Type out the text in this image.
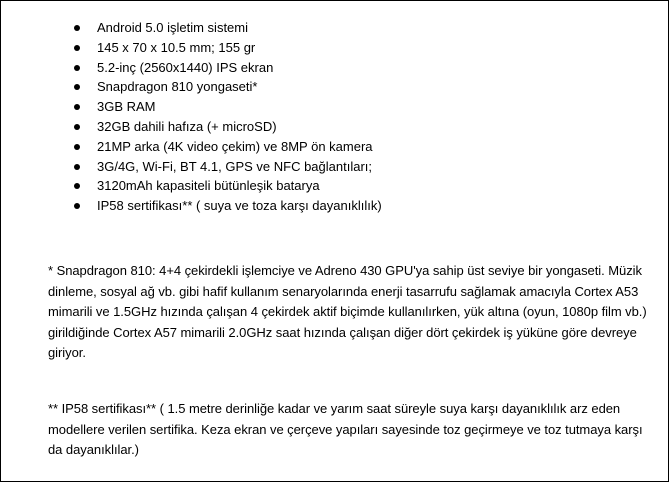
Android 5.0 işletim sistemi
145 x 70 x 10.5 mm; 155 gr
5.2-inç (2560x1440) IPS ekran
Snapdragon 810 yongaseti*
3GB RAM
32GB dahili hafıza (+ microSD)
21MP arka (4K video çekim) ve 8MP ön kamera
3G/4G, Wi-Fi, BT 4.1, GPS ve NFC bağlantıları;
3120mAh kapasiteli bütünleşik batarya
IP58 sertifikası** ( suya ve toza karşı dayanıklılık)

* Snapdragon 810: 4+4 çekirdekli işlemciye ve Adreno 430 GPU'ya sahip üst seviye bir yongaseti. Müzik dinleme, sosyal ağ vb. gibi hafif kullanım senaryolarında enerji tasarrufu sağlamak amacıyla Cortex A53 mimarili ve 1.5GHz hızında çalışan 4 çekirdek aktif biçimde kullanılırken, yük altına (oyun, 1080p film vb.) girildiğinde Cortex A57 mimarili 2.0GHz saat hızında çalışan diğer dört çekirdek iş yüküne göre devreye giriyor.

** IP58 sertifikası** ( 1.5 metre derinliğe kadar ve yarım saat süreyle suya karşı dayanıklılık arz eden modellere verilen sertifika. Keza ekran ve çerçeve yapıları sayesinde toz geçirmeye ve toz tutmaya karşı da dayanıklılar.)
